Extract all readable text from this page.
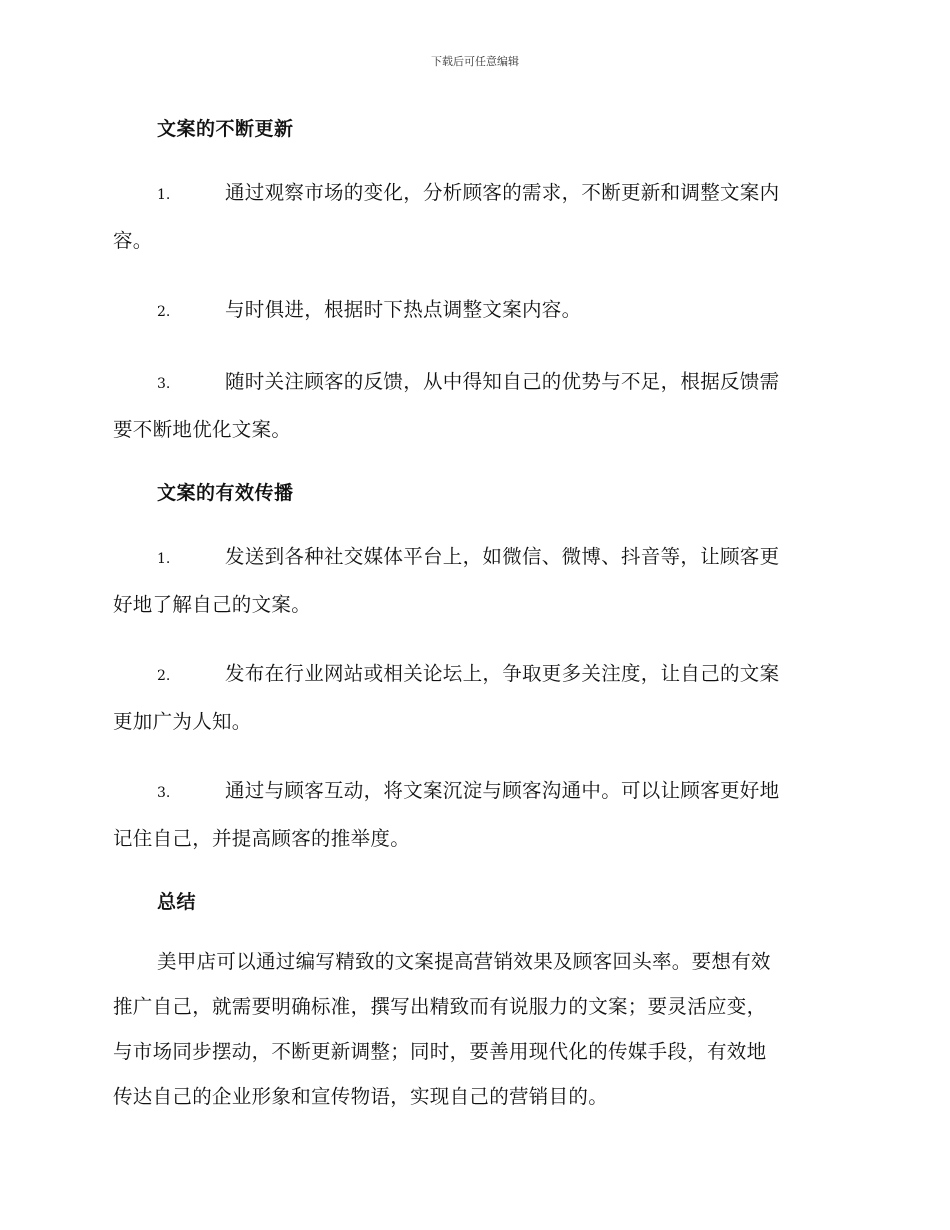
下载后可任意编辑
文案的不断更新
1.	通过观察市场的变化，分析顾客的需求，不断更新和调整文案内
容。
2.	与时俱进，根据时下热点调整文案内容。
3.	随时关注顾客的反馈，从中得知自己的优势与不足，根据反馈需
要不断地优化文案。
文案的有效传播
1.	发送到各种社交媒体平台上，如微信、微博、抖音等，让顾客更
好地了解自己的文案。
2.	发布在行业网站或相关论坛上，争取更多关注度，让自己的文案
更加广为人知。
3.	通过与顾客互动，将文案沉淀与顾客沟通中。可以让顾客更好地
记住自己，并提高顾客的推举度。
总结
美甲店可以通过编写精致的文案提高营销效果及顾客回头率。要想有效
推广自己，就需要明确标准，撰写出精致而有说服力的文案；要灵活应变，
与市场同步摆动，不断更新调整；同时，要善用现代化的传媒手段，有效地
传达自己的企业形象和宣传物语，实现自己的营销目的。
